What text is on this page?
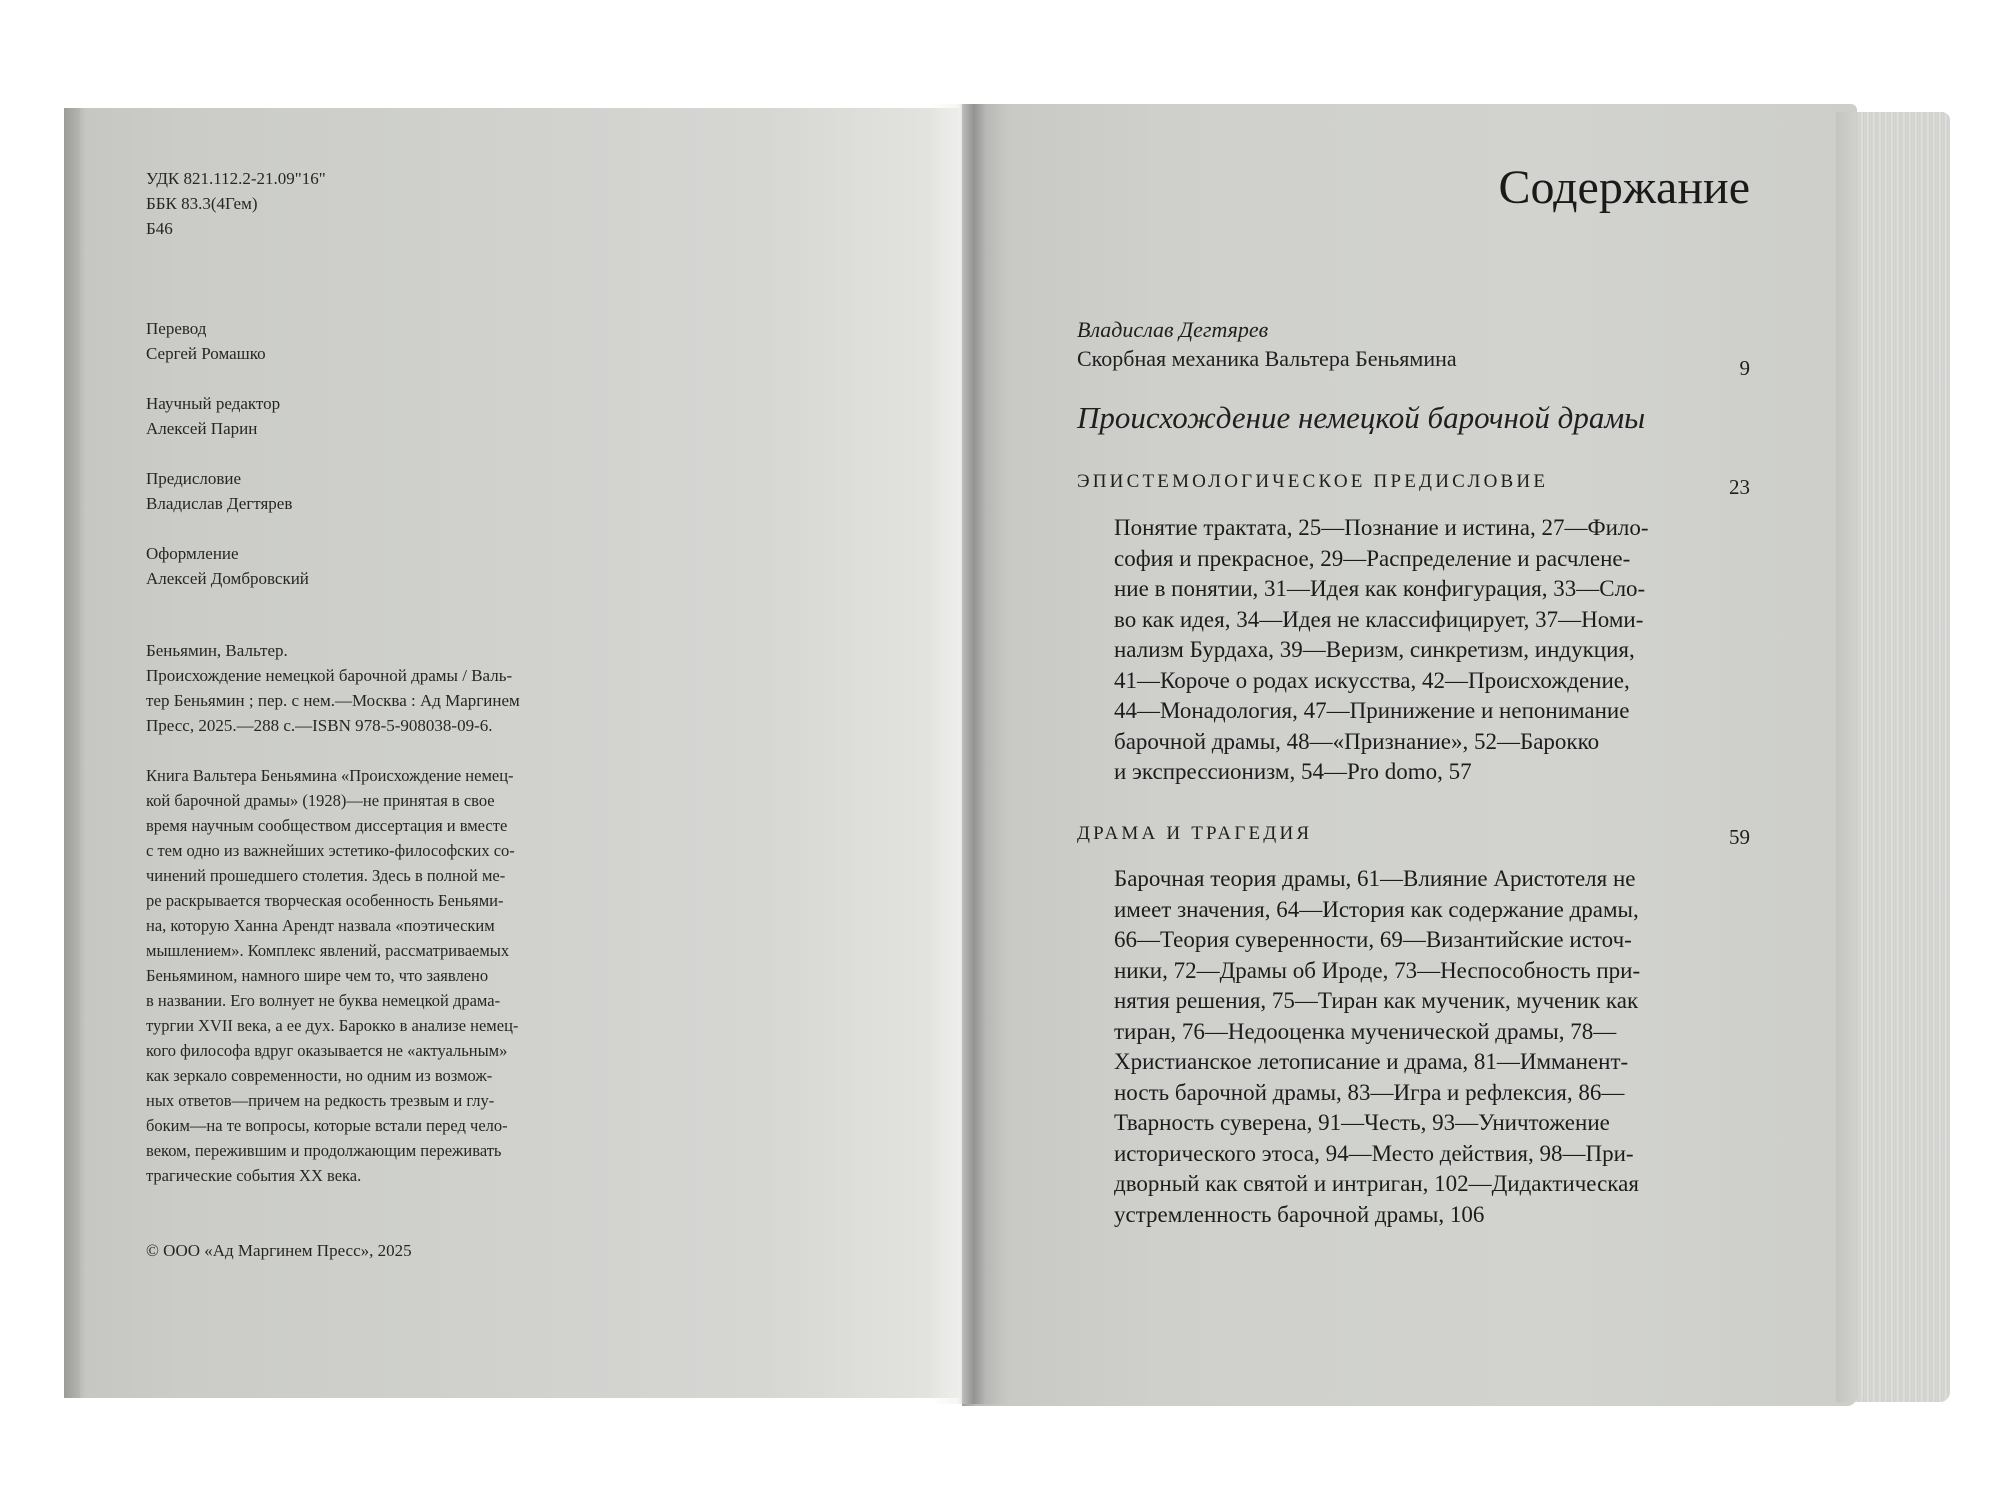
УДК 821.112.2-21.09"16"
ББК 83.3(4Гем)
Б46
Перевод
Сергей Ромашко
Научный редактор
Алексей Парин
Предисловие
Владислав Дегтярев
Оформление
Алексей Домбровский
Беньямин, Вальтер.
Происхождение немецкой барочной драмы / Валь-
тер Беньямин ; пер. с нем.—Москва : Ад Маргинем
Пресс, 2025.—288 с.—ISBN 978-5-908038-09-6.
Книга Вальтера Беньямина «Происхождение немец-
кой барочной драмы» (1928)—не принятая в свое
время научным сообществом диссертация и вместе
с тем одно из важнейших эстетико-философских со-
чинений прошедшего столетия. Здесь в полной ме-
ре раскрывается творческая особенность Беньями-
на, которую Ханна Арендт назвала «поэтическим
мышлением». Комплекс явлений, рассматриваемых
Беньямином, намного шире чем то, что заявлено
в названии. Его волнует не буква немецкой драма-
тургии XVII века, а ее дух. Барокко в анализе немец-
кого философа вдруг оказывается не «актуальным»
как зеркало современности, но одним из возмож-
ных ответов—причем на редкость трезвым и глу-
боким—на те вопросы, которые встали перед чело-
веком, пережившим и продолжающим переживать
трагические события XX века.
© ООО «Ад Маргинем Пресс», 2025
Содержание
Владислав Дегтярев
Скорбная механика Вальтера Беньямина	9
Происхождение немецкой барочной драмы
ЭПИСТЕМОЛОГИЧЕСКОЕ ПРЕДИСЛОВИЕ	23
Понятие трактата, 25—Познание и истина, 27—Фило-
софия и прекрасное, 29—Распределение и расчлене-
ние в понятии, 31—Идея как конфигурация, 33—Сло-
во как идея, 34—Идея не классифицирует, 37—Номи-
нализм Бурдаха, 39—Веризм, синкретизм, индукция,
41—Короче о родах искусства, 42—Происхождение,
44—Монадология, 47—Принижение и непонимание
барочной драмы, 48—«Признание», 52—Барокко
и экспрессионизм, 54—Pro domo, 57
ДРАМА И ТРАГЕДИЯ	59
Барочная теория драмы, 61—Влияние Аристотеля не
имеет значения, 64—История как содержание драмы,
66—Теория суверенности, 69—Византийские источ-
ники, 72—Драмы об Ироде, 73—Неспособность при-
нятия решения, 75—Тиран как мученик, мученик как
тиран, 76—Недооценка мученической драмы, 78—
Христианское летописание и драма, 81—Имманент-
ность барочной драмы, 83—Игра и рефлексия, 86—
Тварность суверена, 91—Честь, 93—Уничтожение
исторического этоса, 94—Место действия, 98—При-
дворный как святой и интриган, 102—Дидактическая
устремленность барочной драмы, 106
